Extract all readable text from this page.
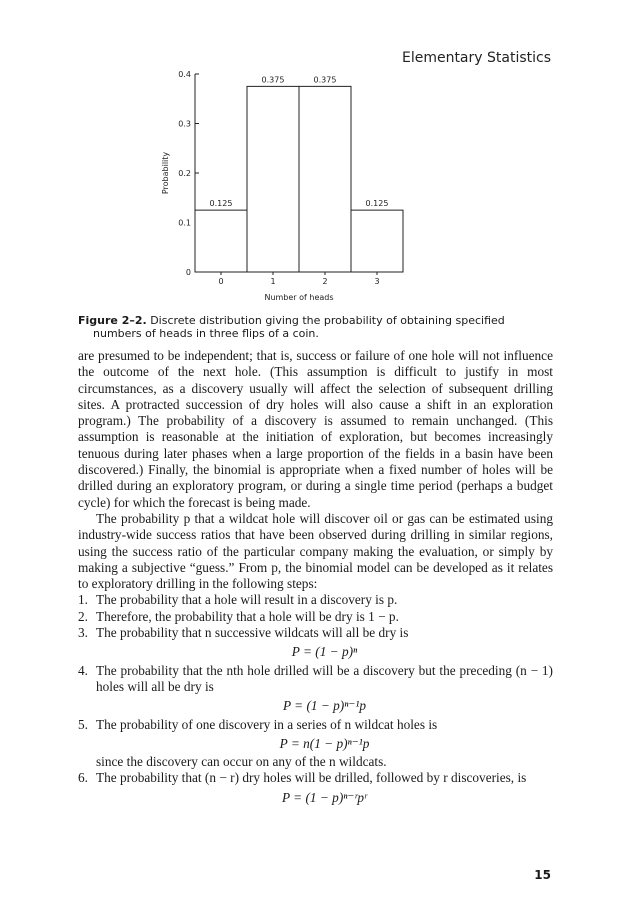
Elementary Statistics
0
0.1
0.2
0.3
0.4
Probability
0.125
0
0.375
1
0.375
2
0.125
3
Number of heads
Figure 2–2. Discrete distribution giving the probability of obtaining specified numbers of heads in three flips of a coin.

are presumed to be independent; that is, success or failure of one hole will not influence the outcome of the next hole. (This assumption is difficult to justify in most circumstances, as a discovery usually will affect the selection of subsequent drilling sites. A protracted succession of dry holes will also cause a shift in an exploration program.) The probability of a discovery is assumed to remain unchanged. (This assumption is reasonable at the initiation of exploration, but becomes increasingly tenuous during later phases when a large proportion of the fields in a basin have been discovered.) Finally, the binomial is appropriate when a fixed number of holes will be drilled during an exploratory program, or during a single time period (perhaps a budget cycle) for which the forecast is being made.

The probability p that a wildcat hole will discover oil or gas can be estimated using industry-wide success ratios that have been observed during drilling in similar regions, using the success ratio of the particular company making the evaluation, or simply by making a subjective “guess.” From p, the binomial model can be developed as it relates to exploratory drilling in the following steps:

1. The probability that a hole will result in a discovery is p.
2. Therefore, the probability that a hole will be dry is 1 − p.
3. The probability that n successive wildcats will all be dry is
P = (1 − p)ⁿ
4. The probability that the nth hole drilled will be a discovery but the preceding (n − 1) holes will all be dry is
P = (1 − p)ⁿ⁻¹p
5. The probability of one discovery in a series of n wildcat holes is
P = n(1 − p)ⁿ⁻¹p
since the discovery can occur on any of the n wildcats.
6. The probability that (n − r) dry holes will be drilled, followed by r discoveries, is
P = (1 − p)ⁿ⁻ʳpʳ
15
